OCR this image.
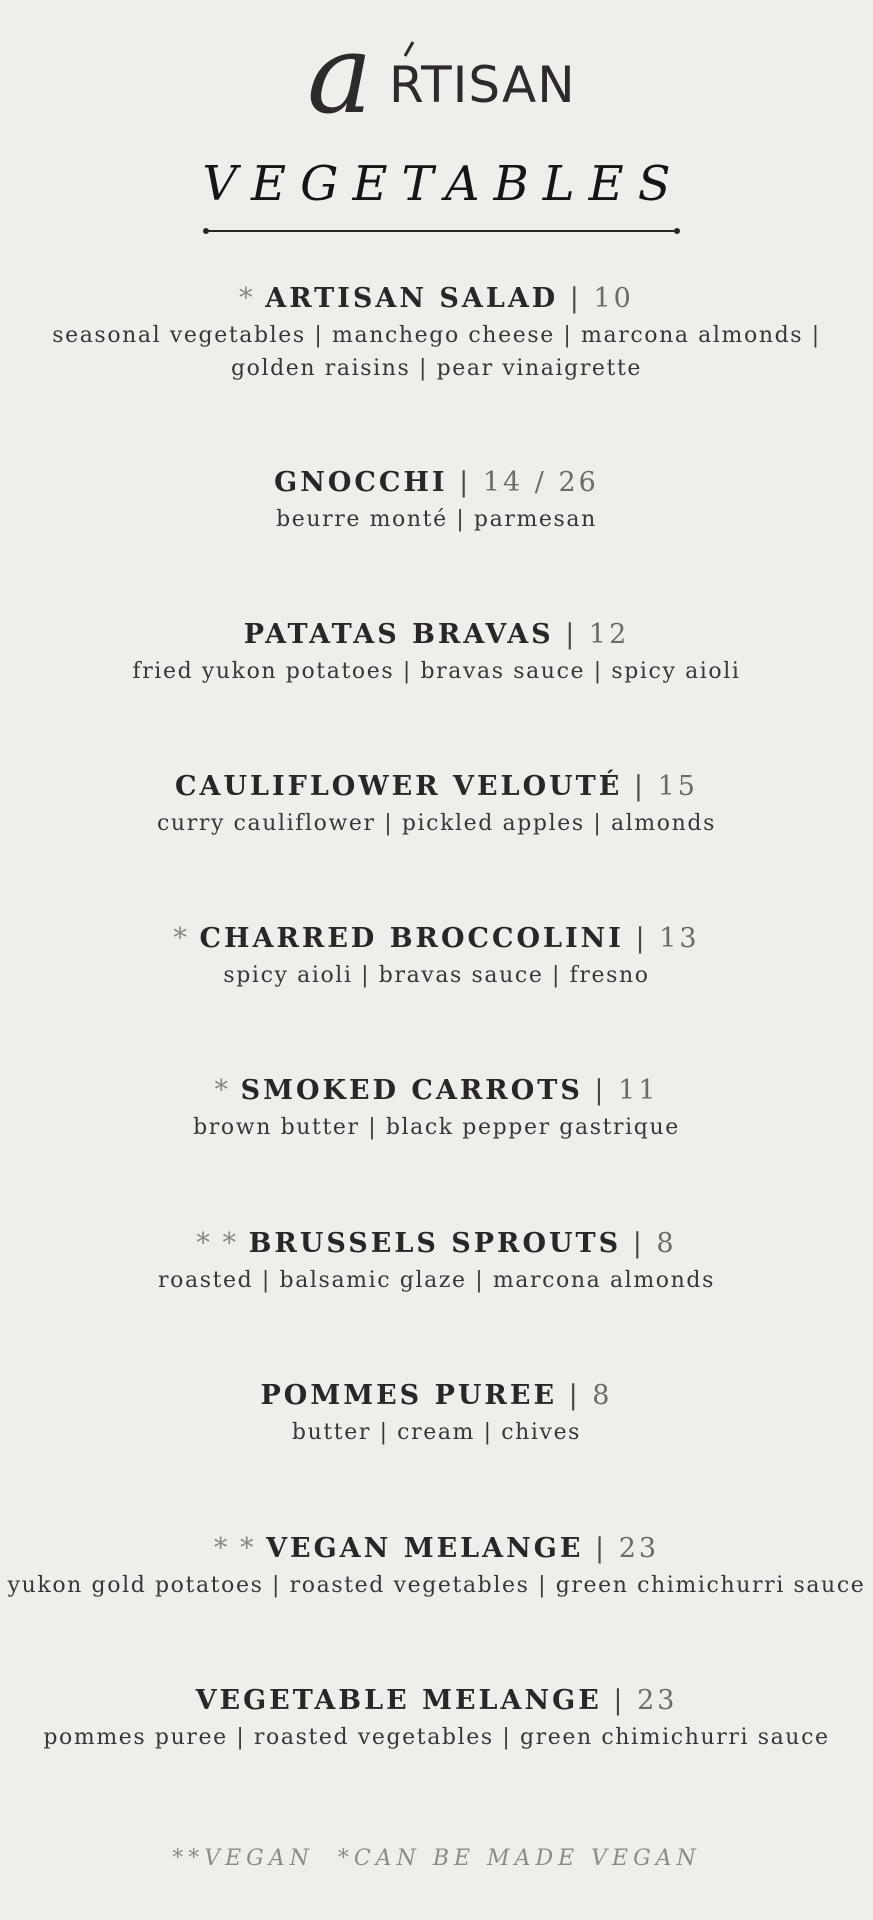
a RTISAN
VEGETABLES
* ARTISAN SALAD | 10
seasonal vegetables | manchego cheese | marcona almonds |
golden raisins | pear vinaigrette
GNOCCHI | 14 / 26
beurre monté | parmesan
PATATAS BRAVAS | 12
fried yukon potatoes | bravas sauce | spicy aioli
CAULIFLOWER VELOUTÉ | 15
curry cauliflower | pickled apples | almonds
* CHARRED BROCCOLINI | 13
spicy aioli | bravas sauce | fresno
* SMOKED CARROTS | 11
brown butter | black pepper gastrique
* * BRUSSELS SPROUTS | 8
roasted | balsamic glaze | marcona almonds
POMMES PUREE | 8
butter | cream | chives
* * VEGAN MELANGE | 23
yukon gold potatoes | roasted vegetables | green chimichurri sauce
VEGETABLE MELANGE | 23
pommes puree | roasted vegetables | green chimichurri sauce
**VEGAN  *CAN BE MADE VEGAN
